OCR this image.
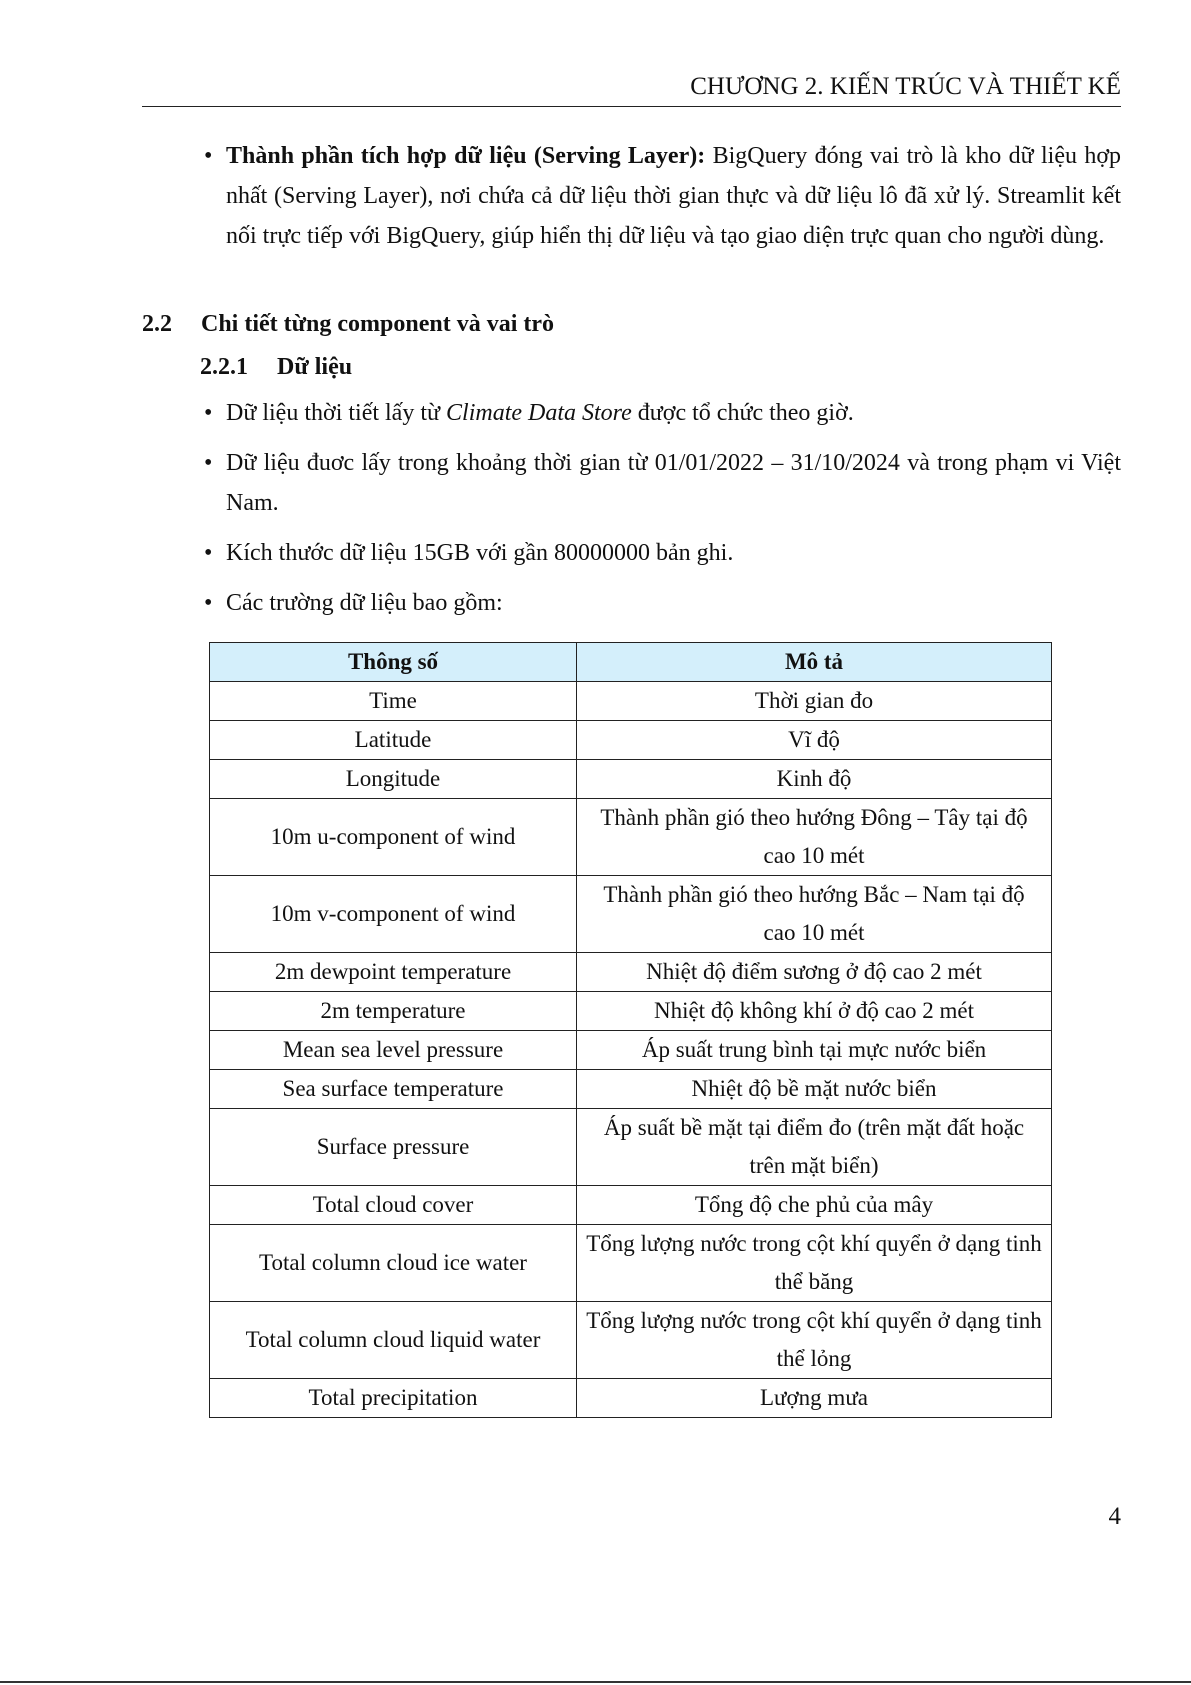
CHƯƠNG 2. KIẾN TRÚC VÀ THIẾT KẾ
• Thành phần tích hợp dữ liệu (Serving Layer): BigQuery đóng vai trò là kho dữ liệu hợp nhất (Serving Layer), nơi chứa cả dữ liệu thời gian thực và dữ liệu lô đã xử lý. Streamlit kết nối trực tiếp với BigQuery, giúp hiển thị dữ liệu và tạo giao diện trực quan cho người dùng.
2.2 Chi tiết từng component và vai trò
2.2.1 Dữ liệu
• Dữ liệu thời tiết lấy từ Climate Data Store được tổ chức theo giờ.
• Dữ liệu đuơc lấy trong khoảng thời gian từ 01/01/2022 – 31/10/2024 và trong phạm vi Việt Nam.
• Kích thước dữ liệu 15GB với gần 80000000 bản ghi.
• Các trường dữ liệu bao gồm:
Thông số	Mô tả
Time	Thời gian đo
Latitude	Vĩ độ
Longitude	Kinh độ
10m u-component of wind	Thành phần gió theo hướng Đông – Tây tại độ cao 10 mét
10m v-component of wind	Thành phần gió theo hướng Bắc – Nam tại độ cao 10 mét
2m dewpoint temperature	Nhiệt độ điểm sương ở độ cao 2 mét
2m temperature	Nhiệt độ không khí ở độ cao 2 mét
Mean sea level pressure	Áp suất trung bình tại mực nước biển
Sea surface temperature	Nhiệt độ bề mặt nước biển
Surface pressure	Áp suất bề mặt tại điểm đo (trên mặt đất hoặc trên mặt biển)
Total cloud cover	Tổng độ che phủ của mây
Total column cloud ice water	Tổng lượng nước trong cột khí quyển ở dạng tinh thể băng
Total column cloud liquid water	Tổng lượng nước trong cột khí quyển ở dạng tinh thể lỏng
Total precipitation	Lượng mưa
4
